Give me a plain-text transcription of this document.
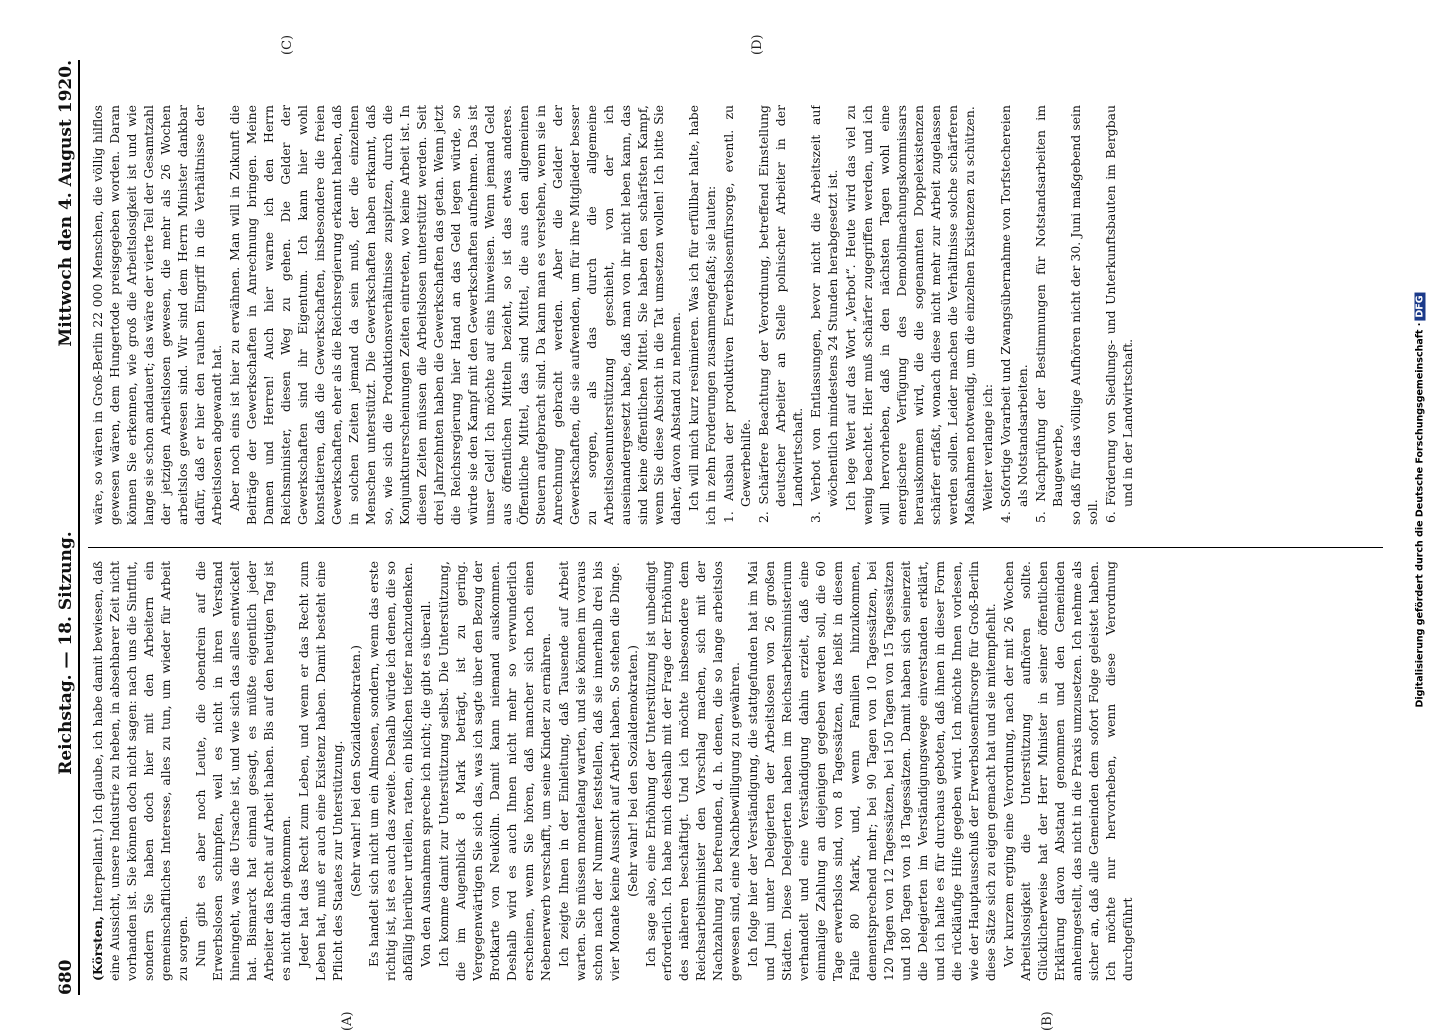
680
Reichstag. — 18. Sitzung.
Mittwoch den 4. August 1920.
(A)	(B)
(C)	(D)

(Körsten, Interpellant.) Ich glaube, ich habe damit bewiesen, daß eine Aussicht, unsere Industrie zu heben, in absehbarer Zeit nicht vorhanden ist. Sie können doch nicht sagen: nach uns die Sintflut, sondern Sie haben doch hier mit den Arbeitern ein gemeinschaftliches Interesse, alles zu tun, um wieder für Arbeit zu sorgen. Nun gibt es aber noch Leute, die obendrein auf die Erwerbslosen schimpfen, weil es nicht in ihren Verstand hineingeht, was die Ursache ist, und wie sich das alles entwickelt hat. Bismarck hat einmal gesagt, es müßte eigentlich jeder Arbeiter das Recht auf Arbeit haben. Bis auf den heutigen Tag ist es nicht dahin gekommen. Jeder hat das Recht zum Leben, und wenn er das Recht zum Leben hat, muß er auch eine Existenz haben. Damit besteht eine Pflicht des Staates zur Unterstützung. (Sehr wahr! bei den Sozialdemokraten.) Es handelt sich nicht um ein Almosen, sondern, wenn das erste richtig ist, ist es auch das zweite. Deshalb würde ich denen, die so abfällig hierüber urteilen, raten, ein bißchen tiefer nachzudenken. Von den Ausnahmen spreche ich nicht; die gibt es überall. Ich komme damit zur Unterstützung selbst. Die Unterstützung, die im Augenblick 8 Mark beträgt, ist zu gering. Vergegenwärtigen Sie sich das, was ich sagte über den Bezug der Brotkarte von Neukölln. Damit kann niemand auskommen. Deshalb wird es auch Ihnen nicht mehr so verwunderlich erscheinen, wenn Sie hören, daß mancher sich noch einen Nebenerwerb verschafft, um seine Kinder zu ernähren. Ich zeigte Ihnen in der Einleitung, daß Tausende auf Arbeit warten. Sie müssen monatelang warten, und sie können im voraus schon nach der Nummer feststellen, daß sie innerhalb drei bis vier Monate keine Aussicht auf Arbeit haben. So stehen die Dinge. (Sehr wahr! bei den Sozialdemokraten.) Ich sage also, eine Erhöhung der Unterstützung ist unbedingt erforderlich. Ich habe mich deshalb mit der Frage der Erhöhung des näheren beschäftigt. Und ich möchte insbesondere dem Reichsarbeitsminister den Vorschlag machen, sich mit der Nachzahlung zu befreunden, d. h. denen, die so lange arbeitslos gewesen sind, eine Nachbewilligung zu gewähren. Ich folge hier der Verständigung, die stattgefunden hat im Mai und Juni unter Delegierten der Arbeitslosen von 26 großen Städten. Diese Delegierten haben im Reichsarbeitsministerium verhandelt und eine Verständigung dahin erzielt, daß eine einmalige Zahlung an diejenigen gegeben werden soll, die 60 Tage erwerbslos sind, von 8 Tagessätzen, das heißt in diesem Falle 80 Mark, und, wenn Familien hinzukommen, dementsprechend mehr; bei 90 Tagen von 10 Tagessätzen, bei 120 Tagen von 12 Tagessätzen, bei 150 Tagen von 15 Tagessätzen und 180 Tagen von 18 Tagessätzen. Damit haben sich seinerzeit die Delegierten im Verständigungswege einverstanden erklärt, und ich halte es für durchaus geboten, daß ihnen in dieser Form die rückläufige Hilfe gegeben wird. Ich möchte Ihnen vorlesen, wie der Hauptausschuß der Erwerbslosenfürsorge für Groß-Berlin diese Sätze sich zu eigen gemacht hat und sie mitempfiehlt. Vor kurzem erging eine Verordnung, nach der mit 26 Wochen Arbeitslosigkeit die Unterstützung aufhören sollte. Glücklicherweise hat der Herr Minister in seiner öffentlichen Erklärung davon Abstand genommen und den Gemeinden anheimgestellt, das nicht in die Praxis umzusetzen. Ich nehme als sicher an, daß alle Gemeinden dem sofort Folge geleistet haben. Ich möchte nur hervorheben, wenn diese Verordnung durchgeführt

wäre, so wären in Groß-Berlin 22 000 Menschen, die völlig hilflos gewesen wären, dem Hungertode preisgegeben worden. Daran können Sie erkennen, wie groß die Arbeitslosigkeit ist und wie lange sie schon andauert; das wäre der vierte Teil der Gesamtzahl der jetzigen Arbeitslosen gewesen, die mehr als 26 Wochen arbeitslos gewesen sind. Wir sind dem Herrn Minister dankbar dafür, daß er hier den rauhen Eingriff in die Verhältnisse der Arbeitslosen abgewandt hat. Aber noch eins ist hier zu erwähnen. Man will in Zukunft die Beiträge der Gewerkschaften in Anrechnung bringen. Meine Damen und Herren! Auch hier warne ich den Herrn Reichsminister, diesen Weg zu gehen. Die Gelder der Gewerkschaften sind ihr Eigentum. Ich kann hier wohl konstatieren, daß die Gewerkschaften, insbesondere die freien Gewerkschaften, eher als die Reichsregierung erkannt haben, daß in solchen Zeiten jemand da sein muß, der die einzelnen Menschen unterstützt. Die Gewerkschaften haben erkannt, daß so, wie sich die Produktionsverhältnisse zuspitzen, durch die Konjunkturerscheinungen Zeiten eintreten, wo keine Arbeit ist. In diesen Zeiten müssen die Arbeitslosen unterstützt werden. Seit drei Jahrzehnten haben die Gewerkschaften das getan. Wenn jetzt die Reichsregierung hier Hand an das Geld legen würde, so würde sie den Kampf mit den Gewerkschaften aufnehmen. Das ist unser Geld! Ich möchte auf eins hinweisen. Wenn jemand Geld aus öffentlichen Mitteln bezieht, so ist das etwas anderes. Öffentliche Mittel, das sind Mittel, die aus den allgemeinen Steuern aufgebracht sind. Da kann man es verstehen, wenn sie in Anrechnung gebracht werden. Aber die Gelder der Gewerkschaften, die sie aufwenden, um für ihre Mitglieder besser zu sorgen, als das durch die allgemeine Arbeitslosenunterstützung geschieht, von der ich auseinandergesetzt habe, daß man von ihr nicht leben kann, das sind keine öffentlichen Mittel. Sie haben den schärfsten Kampf, wenn Sie diese Absicht in die Tat umsetzen wollen! Ich bitte Sie daher, davon Abstand zu nehmen. Ich will mich kurz resümieren. Was ich für erfüllbar halte, habe ich in zehn Forderungen zusammengefaßt; sie lauten: 1. Ausbau der produktiven Erwerbslosenfürsorge, eventl. zu Gewerbehilfe. 2. Schärfere Beachtung der Verordnung, betreffend Einstellung deutscher Arbeiter an Stelle polnischer Arbeiter in der Landwirtschaft. 3. Verbot von Entlassungen, bevor nicht die Arbeitszeit auf wöchentlich mindestens 24 Stunden herabgesetzt ist. Ich lege Wert auf das Wort „Verbot“. Heute wird das viel zu wenig beachtet. Hier muß schärfer zugegriffen werden, und ich will hervorheben, daß in den nächsten Tagen wohl eine energischere Verfügung des Demobilmachungskommissars herauskommen wird, die die sogenannten Doppelexistenzen schärfer erfaßt, wonach diese nicht mehr zur Arbeit zugelassen werden sollen. Leider machen die Verhältnisse solche schärferen Maßnahmen notwendig, um die einzelnen Existenzen zu schützen. Weiter verlange ich: 4. Sofortige Vorarbeit und Zwangsübernahme von Torfstechereien als Notstandsarbeiten. 5. Nachprüfung der Bestimmungen für Notstandsarbeiten im Baugewerbe, so daß für das völlige Aufhören nicht der 30. Juni maßgebend sein soll. 6. Förderung von Siedlungs- und Unterkunftsbauten im Bergbau und in der Landwirtschaft.	Digitalisierung gefördert durch die Deutsche Forschungsgemeinschaft ·DFG
